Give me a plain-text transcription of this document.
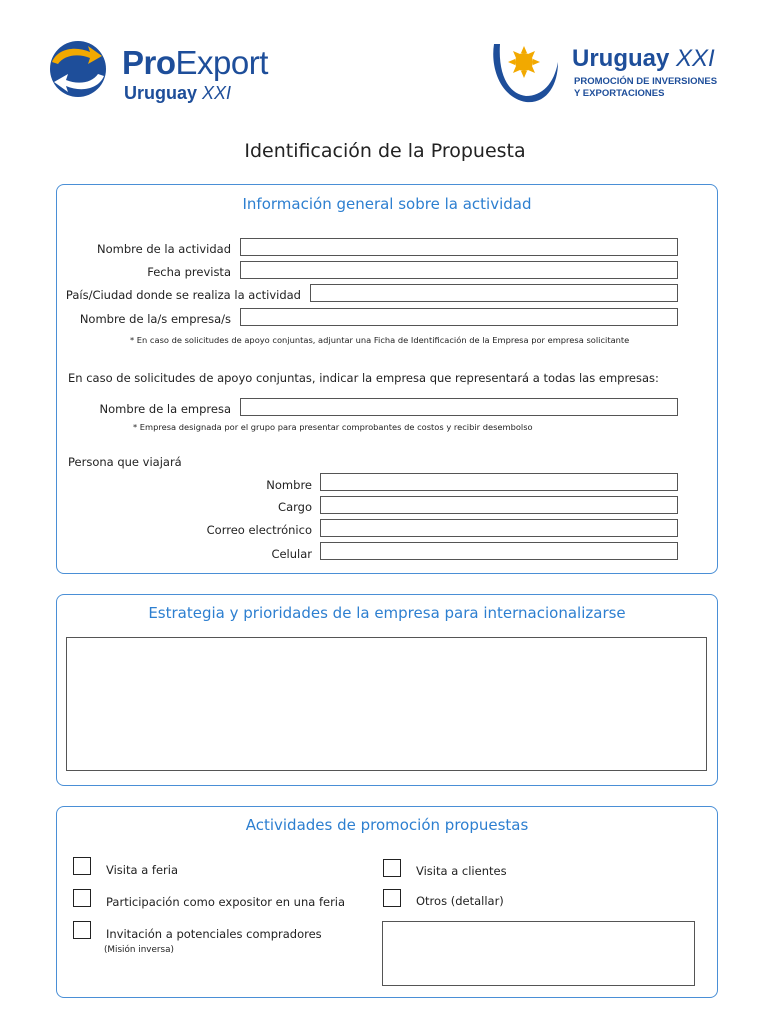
ProExport
Uruguay XXI
Uruguay XXI
PROMOCIÓN DE INVERSIONES
Y EXPORTACIONES
Identificación de la Propuesta
Información general sobre la actividad
Nombre de la actividad
Fecha prevista
País/Ciudad donde se realiza la actividad
Nombre de la/s empresa/s
* En caso de solicitudes de apoyo conjuntas, adjuntar una Ficha de Identificación de la Empresa por empresa solicitante
En caso de solicitudes de apoyo conjuntas, indicar la empresa que representará a todas las empresas:
Nombre de la empresa
* Empresa designada por el grupo para presentar comprobantes de costos y recibir desembolso
Persona que viajará
Nombre
Cargo
Correo electrónico
Celular
Estrategia y prioridades de la empresa para internacionalizarse
Actividades de promoción propuestas
Visita a feria	Visita a clientes
Participación como expositor en una feria	Otros (detallar)
Invitación a potenciales compradores
(Misión inversa)
